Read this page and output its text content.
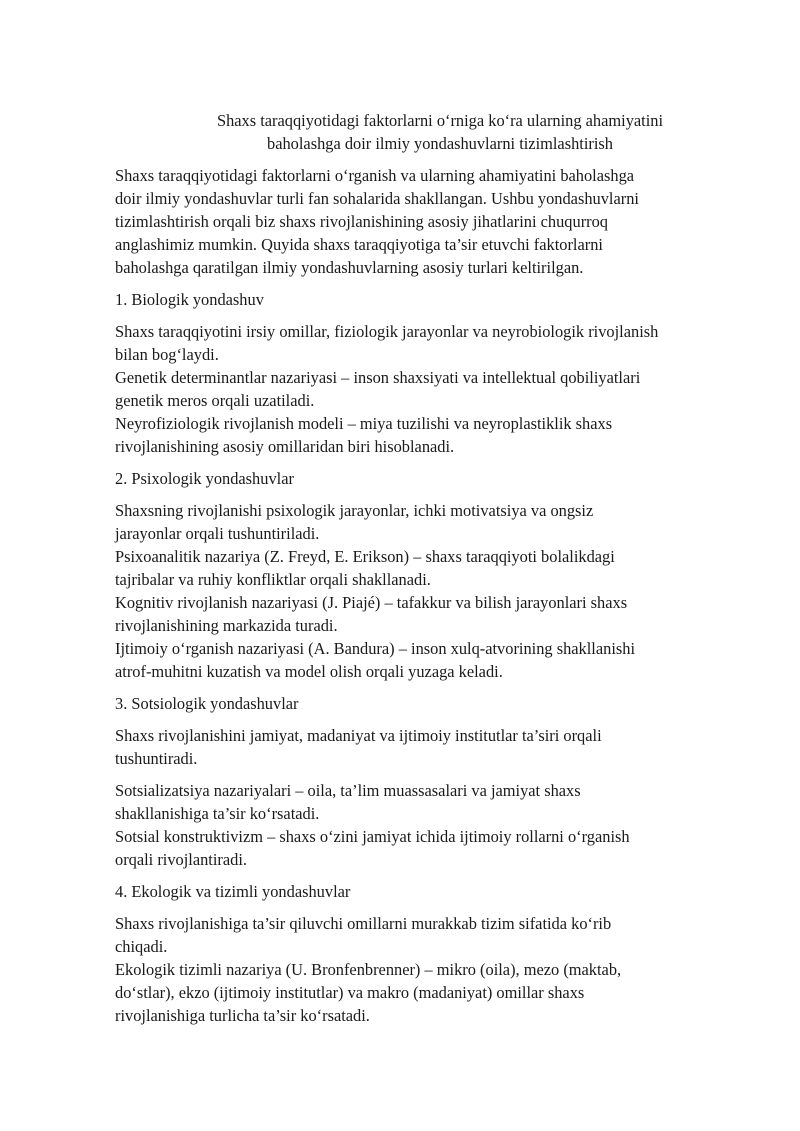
Shaxs taraqqiyotidagi faktorlarni o‘rniga ko‘ra ularning ahamiyatini
baholashga doir ilmiy yondashuvlarni tizimlashtirish

Shaxs taraqqiyotidagi faktorlarni o‘rganish va ularning ahamiyatini baholashga
doir ilmiy yondashuvlar turli fan sohalarida shakllangan. Ushbu yondashuvlarni
tizimlashtirish orqali biz shaxs rivojlanishining asosiy jihatlarini chuqurroq
anglashimiz mumkin. Quyida shaxs taraqqiyotiga ta’sir etuvchi faktorlarni
baholashga qaratilgan ilmiy yondashuvlarning asosiy turlari keltirilgan.

1. Biologik yondashuv

Shaxs taraqqiyotini irsiy omillar, fiziologik jarayonlar va neyrobiologik rivojlanish
bilan bog‘laydi.
Genetik determinantlar nazariyasi – inson shaxsiyati va intellektual qobiliyatlari
genetik meros orqali uzatiladi.
Neyrofiziologik rivojlanish modeli – miya tuzilishi va neyroplastiklik shaxs
rivojlanishining asosiy omillaridan biri hisoblanadi.

2. Psixologik yondashuvlar

Shaxsning rivojlanishi psixologik jarayonlar, ichki motivatsiya va ongsiz
jarayonlar orqali tushuntiriladi.
Psixoanalitik nazariya (Z. Freyd, E. Erikson) – shaxs taraqqiyoti bolalikdagi
tajribalar va ruhiy konfliktlar orqali shakllanadi.
Kognitiv rivojlanish nazariyasi (J. Piajé) – tafakkur va bilish jarayonlari shaxs
rivojlanishining markazida turadi.
Ijtimoiy o‘rganish nazariyasi (A. Bandura) – inson xulq-atvorining shakllanishi
atrof-muhitni kuzatish va model olish orqali yuzaga keladi.

3. Sotsiologik yondashuvlar

Shaxs rivojlanishini jamiyat, madaniyat va ijtimoiy institutlar ta’siri orqali
tushuntiradi.

Sotsializatsiya nazariyalari – oila, ta’lim muassasalari va jamiyat shaxs
shakllanishiga ta’sir ko‘rsatadi.
Sotsial konstruktivizm – shaxs o‘zini jamiyat ichida ijtimoiy rollarni o‘rganish
orqali rivojlantiradi.

4. Ekologik va tizimli yondashuvlar

Shaxs rivojlanishiga ta’sir qiluvchi omillarni murakkab tizim sifatida ko‘rib
chiqadi.
Ekologik tizimli nazariya (U. Bronfenbrenner) – mikro (oila), mezo (maktab,
do‘stlar), ekzo (ijtimoiy institutlar) va makro (madaniyat) omillar shaxs
rivojlanishiga turlicha ta’sir ko‘rsatadi.
